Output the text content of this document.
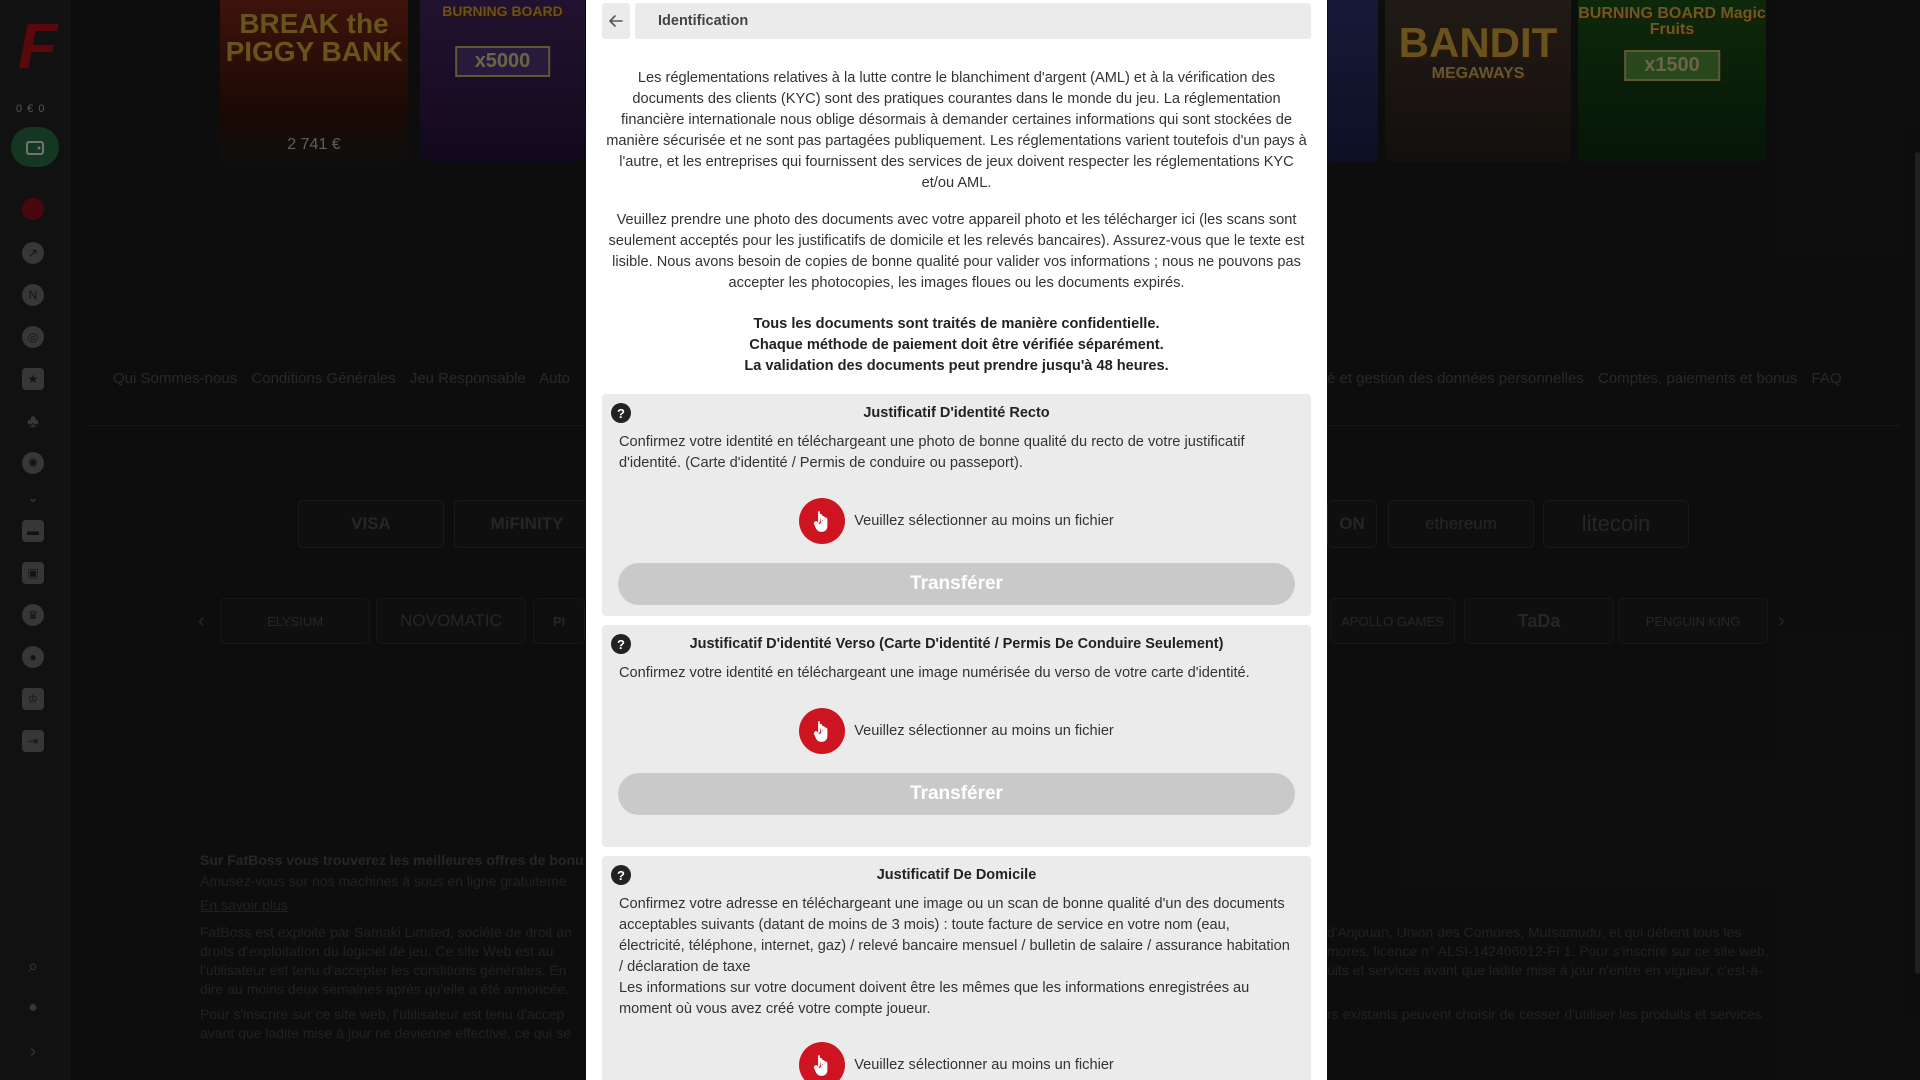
Identification

Les réglementations relatives à la lutte contre le blanchiment d'argent (AML) et à la vérification des documents des clients (KYC) sont des pratiques courantes dans le monde du jeu. La réglementation financière internationale nous oblige désormais à demander certaines informations qui sont stockées de manière sécurisée et ne sont pas partagées publiquement. Les réglementations varient toutefois d'un pays à l'autre, et les entreprises qui fournissent des services de jeux doivent respecter les réglementations KYC et/ou AML.

Veuillez prendre une photo des documents avec votre appareil photo et les télécharger ici (les scans sont seulement acceptés pour les justificatifs de domicile et les relevés bancaires). Assurez-vous que le texte est lisible. Nous avons besoin de copies de bonne qualité pour valider vos informations ; nous ne pouvons pas accepter les photocopies, les images floues ou les documents expirés.

Tous les documents sont traités de manière confidentielle.
Chaque méthode de paiement doit être vérifiée séparément.
La validation des documents peut prendre jusqu'à 48 heures.
?	Justificatif D'identité Recto
Confirmez votre identité en téléchargeant une photo de bonne qualité du recto de votre justificatif d'identité. (Carte d'identité / Permis de conduire ou passeport).
Veuillez sélectionner au moins un fichier
Transférer
?	Justificatif D'identité Verso (Carte D'identité / Permis De Conduire Seulement)
Confirmez votre identité en téléchargeant une image numérisée du verso de votre carte d'identité.
Veuillez sélectionner au moins un fichier
Transférer
?	Justificatif De Domicile
Confirmez votre adresse en téléchargeant une image ou un scan de bonne qualité d'un des documents acceptables suivants (datant de moins de 3 mois) : toute facture de service en votre nom (eau, électricité, téléphone, internet, gaz) / relevé bancaire mensuel / bulletin de salaire / assurance habitation / déclaration de taxe
Les informations sur votre document doivent être les mêmes que les informations enregistrées au moment où vous avez créé votre compte joueur.
Veuillez sélectionner au moins un fichier
